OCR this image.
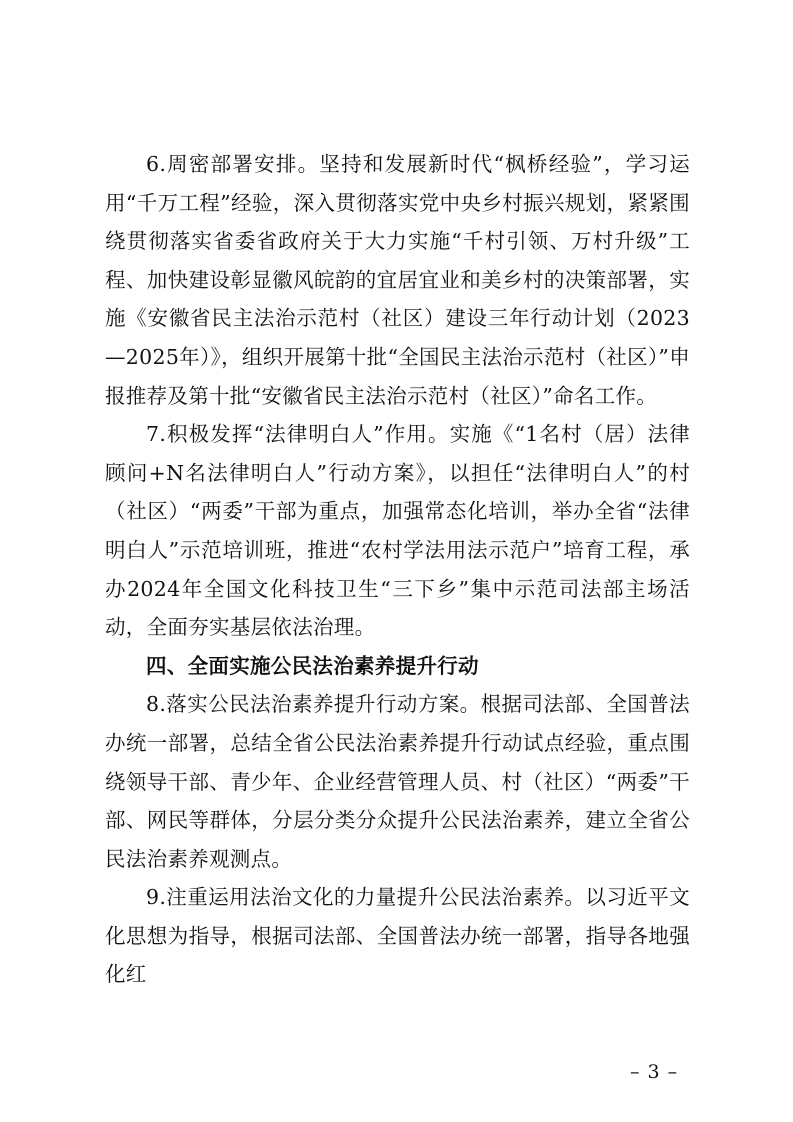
6.周密部署安排。坚持和发展新时代“枫桥经验”，学习运用“千万工程”经验，深入贯彻落实党中央乡村振兴规划，紧紧围绕贯彻落实省委省政府关于大力实施“千村引领、万村升级”工程、加快建设彰显徽风皖韵的宜居宜业和美乡村的决策部署，实施《安徽省民主法治示范村（社区）建设三年行动计划（2023—2025年）》，组织开展第十批“全国民主法治示范村（社区）”申报推荐及第十批“安徽省民主法治示范村（社区）”命名工作。

7.积极发挥“法律明白人”作用。实施《“1名村（居）法律顾问+N名法律明白人”行动方案》，以担任“法律明白人”的村（社区）“两委”干部为重点，加强常态化培训，举办全省“法律明白人”示范培训班，推进“农村学法用法示范户”培育工程，承办2024年全国文化科技卫生“三下乡”集中示范司法部主场活动，全面夯实基层依法治理。

四、全面实施公民法治素养提升行动

8.落实公民法治素养提升行动方案。根据司法部、全国普法办统一部署，总结全省公民法治素养提升行动试点经验，重点围绕领导干部、青少年、企业经营管理人员、村（社区）“两委”干部、网民等群体，分层分类分众提升公民法治素养，建立全省公民法治素养观测点。

9.注重运用法治文化的力量提升公民法治素养。以习近平文化思想为指导，根据司法部、全国普法办统一部署，指导各地强化红

– 3 –
